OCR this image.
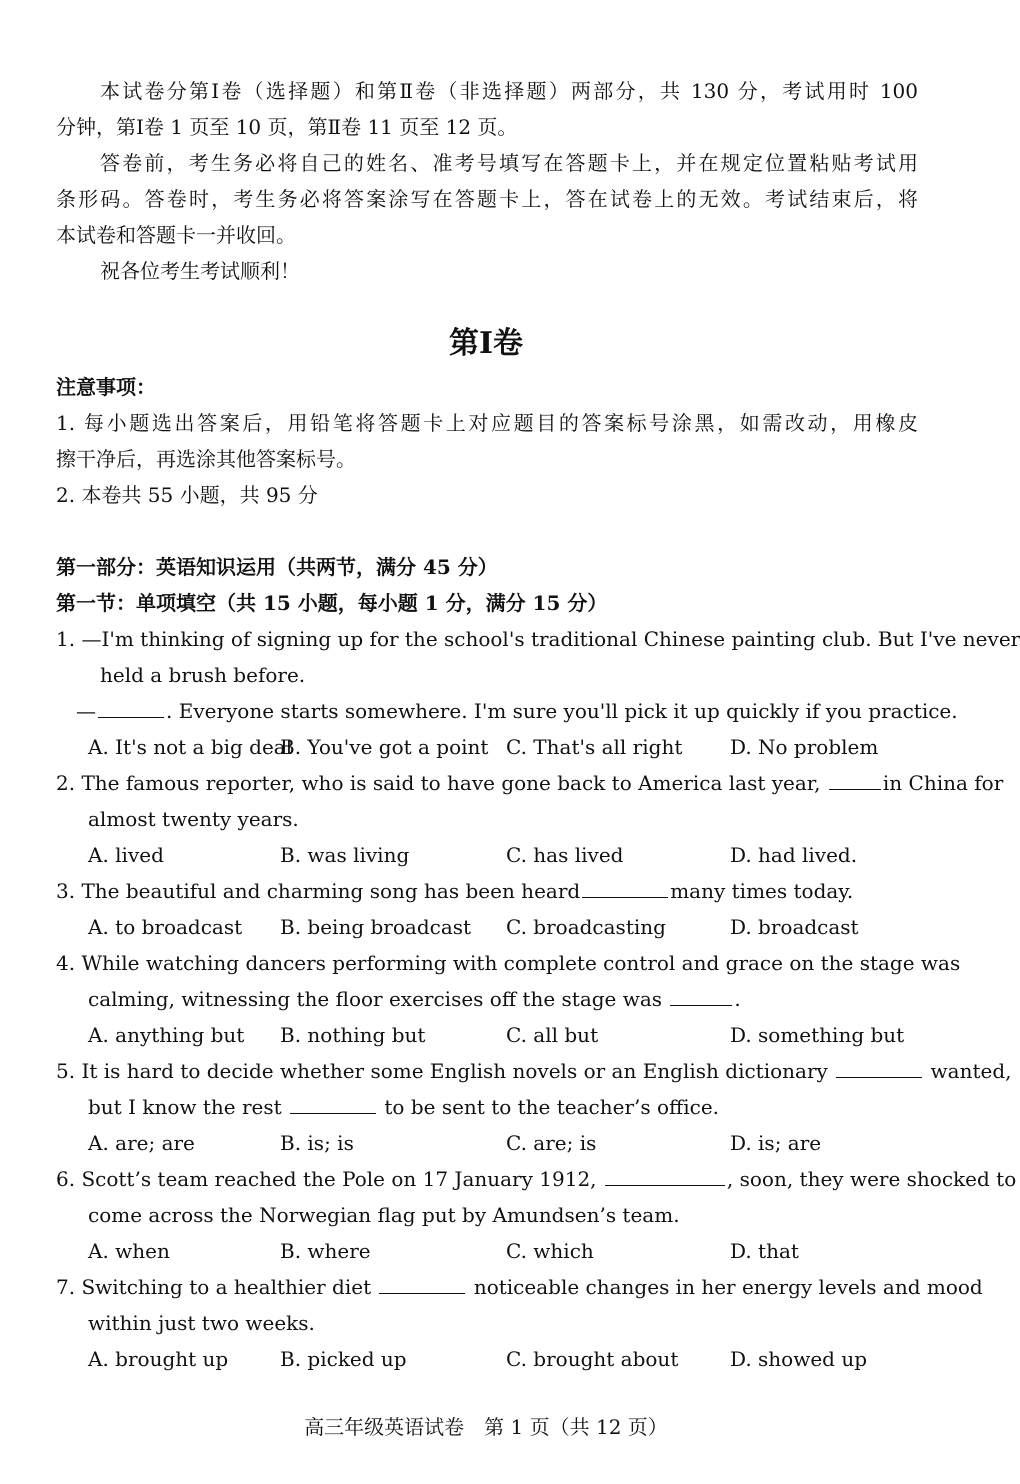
本试卷分第Ⅰ卷（选择题）和第Ⅱ卷（非选择题）两部分，共 130 分，考试用时 100
分钟，第Ⅰ卷 1 页至 10 页，第Ⅱ卷 11 页至 12 页。
答卷前，考生务必将自己的姓名、准考号填写在答题卡上，并在规定位置粘贴考试用
条形码。答卷时，考生务必将答案涂写在答题卡上，答在试卷上的无效。考试结束后，将
本试卷和答题卡一并收回。
祝各位考生考试顺利！
第Ⅰ卷
注意事项：
1. 每小题选出答案后，用铅笔将答题卡上对应题目的答案标号涂黑，如需改动，用橡皮
擦干净后，再选涂其他答案标号。
2. 本卷共 55 小题，共 95 分
第一部分：英语知识运用（共两节，满分 45 分）
第一节：单项填空（共 15 小题，每小题 1 分，满分 15 分）
1. —I'm thinking of signing up for the school's traditional Chinese painting club. But I've never
held a brush before.
—	. Everyone starts somewhere. I'm sure you'll pick it up quickly if you practice.
A. It's not a big deal
B. You've got a point C. That's all right D. No problem
2. The famous reporter, who is said to have gone back to America last year,	in China for
almost twenty years.
A. lived	B. was living	C. has lived	D. had lived.
3. The beautiful and charming song has been heard	many times today.
A. to broadcast B. being broadcast C. broadcasting	D. broadcast
4. While watching dancers performing with complete control and grace on the stage was
calming, witnessing the floor exercises off the stage was	.
A. anything but B. nothing but	C. all but	D. something but
5. It is hard to decide whether some English novels or an English dictionary	wanted,
but I know the rest	to be sent to the teacher’s office.
A. are; are	B. is; is	C. are; is	D. is; are
6. Scott’s team reached the Pole on 17 January 1912,	, soon, they were shocked to
come across the Norwegian flag put by Amundsen’s team.
A. when	B. where	C. which	D. that
7. Switching to a healthier diet	noticeable changes in her energy levels and mood
within just two weeks.
A. brought up	B. picked up	C. brought about	D. showed up
高三年级英语试卷　第 1 页（共 12 页）
